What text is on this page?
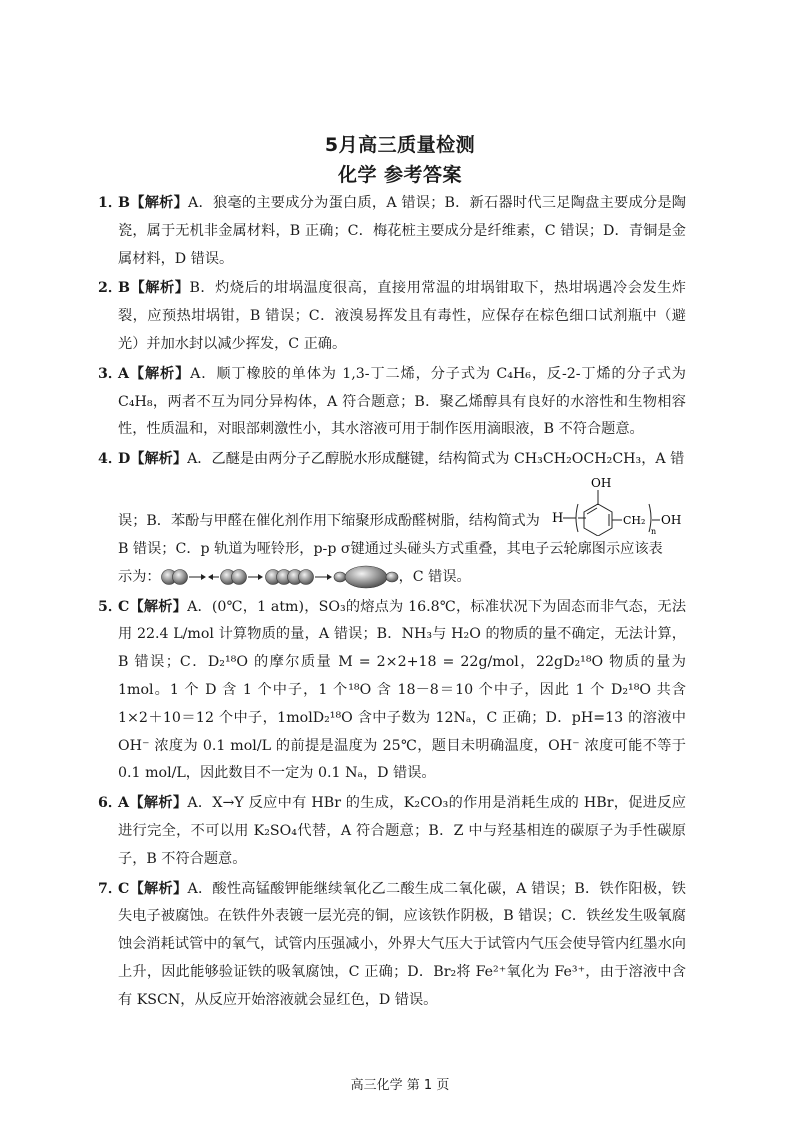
5月高三质量检测
化学 参考答案

1．B【解析】A．狼毫的主要成分为蛋白质，A 错误；B．新石器时代三足陶盘主要成分是陶瓷，属于无机非金属材料，B 正确；C．梅花桩主要成分是纤维素，C 错误；D．青铜是金属材料，D 错误。

2．B【解析】B．灼烧后的坩埚温度很高，直接用常温的坩埚钳取下，热坩埚遇冷会发生炸裂，应预热坩埚钳，B 错误；C．液溴易挥发且有毒性，应保存在棕色细口试剂瓶中（避光）并加水封以减少挥发，C 正确。

3．A【解析】A．顺丁橡胶的单体为 1,3-丁二烯，分子式为 C₄H₆，反-2-丁烯的分子式为 C₄H₈，两者不互为同分异构体，A 符合题意；B．聚乙烯醇具有良好的水溶性和生物相容性，性质温和，对眼部刺激性小，其水溶液可用于制作医用滴眼液，B 不符合题意。

4．D【解析】A．乙醚是由两分子乙醇脱水形成醚键，结构简式为 CH₃CH₂OCH₂CH₃，A 错
误；B．苯酚与甲醛在催化剂作用下缩聚形成酚醛树脂，结构简式为 H
OH
CH₂
n
OH
B 错误；C．p 轨道为哑铃形，p-p σ键通过头碰头方式重叠，其电子云轮廓图示应该表
示为：	，C 错误。

5．C【解析】A．(0℃，1 atm)，SO₃的熔点为 16.8℃，标准状况下为固态而非气态，无法用 22.4 L/mol 计算物质的量，A 错误；B．NH₃与 H₂O 的物质的量不确定，无法计算，B 错误；C．D₂¹⁸O 的摩尔质量 M = 2×2+18 = 22g/mol，22gD₂¹⁸O 物质的量为 1mol。1 个 D 含 1 个中子，1 个¹⁸O 含 18－8＝10 个中子，因此 1 个 D₂¹⁸O 共含 1×2＋10＝12 个中子，1molD₂¹⁸O 含中子数为 12Nₐ，C 正确；D．pH=13 的溶液中 OH⁻ 浓度为 0.1 mol/L 的前提是温度为 25℃，题目未明确温度，OH⁻ 浓度可能不等于 0.1 mol/L，因此数目不一定为 0.1 Nₐ，D 错误。

6．A【解析】A．X→Y 反应中有 HBr 的生成，K₂CO₃的作用是消耗生成的 HBr，促进反应进行完全，不可以用 K₂SO₄代替，A 符合题意；B．Z 中与羟基相连的碳原子为手性碳原子，B 不符合题意。

7．C【解析】A．酸性高锰酸钾能继续氧化乙二酸生成二氧化碳，A 错误；B．铁作阳极，铁失电子被腐蚀。在铁件外表镀一层光亮的铜，应该铁作阴极，B 错误；C．铁丝发生吸氧腐蚀会消耗试管中的氧气，试管内压强减小，外界大气压大于试管内气压会使导管内红墨水向上升，因此能够验证铁的吸氧腐蚀，C 正确；D．Br₂将 Fe²⁺氧化为 Fe³⁺，由于溶液中含有 KSCN，从反应开始溶液就会显红色，D 错误。

高三化学 第 1 页
